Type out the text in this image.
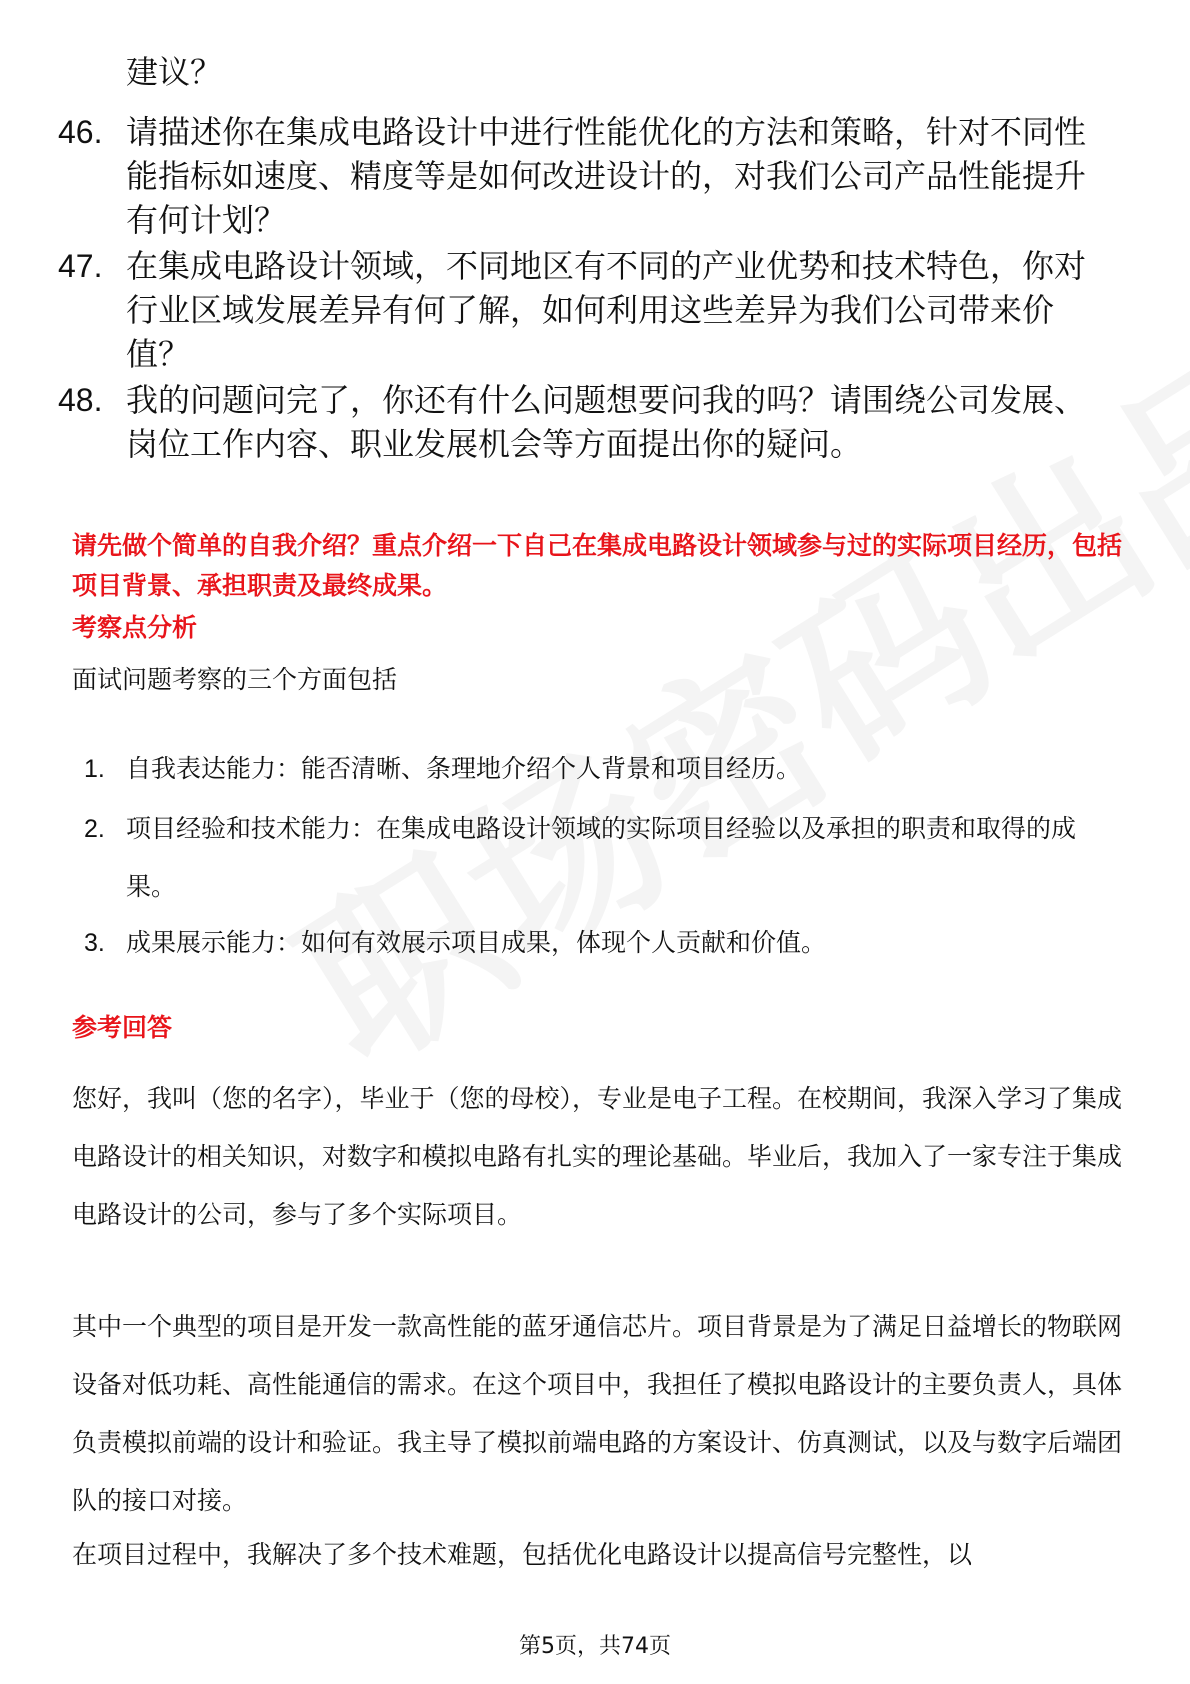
建议？
46. 请描述你在集成电路设计中进行性能优化的方法和策略，针对不同性能指标如速度、精度等是如何改进设计的，对我们公司产品性能提升有何计划？
47. 在集成电路设计领域，不同地区有不同的产业优势和技术特色，你对行业区域发展差异有何了解，如何利用这些差异为我们公司带来价值？
48. 我的问题问完了，你还有什么问题想要问我的吗？请围绕公司发展、岗位工作内容、职业发展机会等方面提出你的疑问。
请先做个简单的自我介绍？重点介绍一下自己在集成电路设计领域参与过的实际项目经历，包括项目背景、承担职责及最终成果。
考察点分析
面试问题考察的三个方面包括
1. 自我表达能力：能否清晰、条理地介绍个人背景和项目经历。
2. 项目经验和技术能力：在集成电路设计领域的实际项目经验以及承担的职责和取得的成果。
3. 成果展示能力：如何有效展示项目成果，体现个人贡献和价值。
参考回答
您好，我叫（您的名字），毕业于（您的母校），专业是电子工程。在校期间，我深入学习了集成电路设计的相关知识，对数字和模拟电路有扎实的理论基础。毕业后，我加入了一家专注于集成电路设计的公司，参与了多个实际项目。
其中一个典型的项目是开发一款高性能的蓝牙通信芯片。项目背景是为了满足日益增长的物联网设备对低功耗、高性能通信的需求。在这个项目中，我担任了模拟电路设计的主要负责人，具体负责模拟前端的设计和验证。我主导了模拟前端电路的方案设计、仿真测试，以及与数字后端团队的接口对接。
在项目过程中，我解决了多个技术难题，包括优化电路设计以提高信号完整性，以
第5页，共74页
